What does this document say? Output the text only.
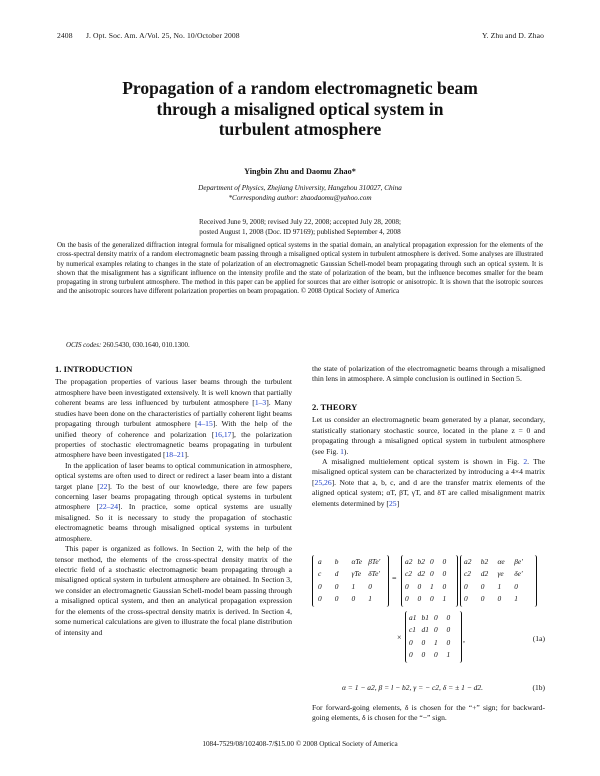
2408 J. Opt. Soc. Am. A/Vol. 25, No. 10/October 2008	Y. Zhu and D. Zhao
Propagation of a random electromagnetic beam
through a misaligned optical system in
turbulent atmosphere
Yingbin Zhu and Daomu Zhao*
Department of Physics, Zhejiang University, Hangzhou 310027, China
*Corresponding author: zhaodaomu@yahoo.com
Received June 9, 2008; revised July 22, 2008; accepted July 28, 2008;
posted August 1, 2008 (Doc. ID 97169); published September 4, 2008
On the basis of the generalized diffraction integral formula for misaligned optical systems in the spatial domain, an analytical propagation expression for the elements of the cross-spectral density matrix of a random electromagnetic beam passing through a misaligned optical system in turbulent atmosphere is derived. Some analyses are illustrated by numerical examples relating to changes in the state of polarization of an electromagnetic Gaussian Schell-model beam propagating through such an optical system. It is shown that the misalignment has a significant influence on the intensity profile and the state of polarization of the beam, but the influence becomes smaller for the beam propagating in strong turbulent atmosphere. The method in this paper can be applied for sources that are either isotropic or anisotropic. It is shown that the isotropic sources and the anisotropic sources have different polarization properties on beam propagation. © 2008 Optical Society of America
OCIS codes: 260.5430, 030.1640, 010.1300.
1. INTRODUCTION

The propagation properties of various laser beams through the turbulent atmosphere have been investigated extensively. It is well known that partially coherent beams are less influenced by turbulent atmosphere [1–3]. Many studies have been done on the characteristics of partially coherent light beams propagating through turbulent atmosphere [4–15]. With the help of the unified theory of coherence and polarization [16,17], the polarization properties of stochastic electromagnetic beams propagating in turbulent atmosphere have been investigated [18–21].

In the application of laser beams to optical communication in atmosphere, optical systems are often used to direct or redirect a laser beam into a distant target plane [22]. To the best of our knowledge, there are few papers concerning laser beams propagating through optical systems in turbulent atmosphere [22–24]. In practice, some optical systems are usually misaligned. So it is necessary to study the propagation of stochastic electromagnetic beams through misaligned optical systems in turbulent atmosphere.

This paper is organized as follows. In Section 2, with the help of the tensor method, the elements of the cross-spectral density matrix of the electric field of a stochastic electromagnetic beam propagating through a misaligned optical system in turbulent atmosphere are obtained. In Section 3, we consider an electromagnetic Gaussian Schell-model beam passing through a misaligned optical system, and then an analytical propagation expression for the elements of the cross-spectral density matrix is derived. In Section 4, some numerical calculations are given to illustrate the focal plane distribution of intensity and

the state of polarization of the electromagnetic beams through a misaligned thin lens in atmosphere. A simple conclusion is outlined in Section 5.

2. THEORY

Let us consider an electromagnetic beam generated by a planar, secondary, statistically stationary stochastic source, located in the plane z = 0 and propagating through a misaligned optical system in turbulent atmosphere (see Fig. 1).

A misaligned multielement optical system is shown in Fig. 2. The misaligned optical system can be characterized by introducing a 4×4 matrix [25,26]. Note that a, b, c, and d are the transfer matrix elements of the aligned optical system; αT, βT, γT, and δT are called misalignment matrix elements determined by [25]

a b αTe βTe′
c d γTe δTe′
0 0 1 0
0 0 0 1
=
a2 b2 0 0
c2 d2 0 0
0 0 1 0
0 0 0 1
a2 b2 αe βe′
c2 d2 γe δe′
0 0 1 0
0 0 0 1
×
a1 b1 0 0
c1 d1 0 0
0 0 1 0
0 0 0 1
,	(1a)
α = 1 − a2, β = l − b2, γ = − c2, δ = ± 1 − d2.	(1b)

For forward-going elements, δ is chosen for the “+” sign; for backward-going elements, δ is chosen for the “−” sign.

1084-7529/08/102408-7/$15.00 © 2008 Optical Society of America
